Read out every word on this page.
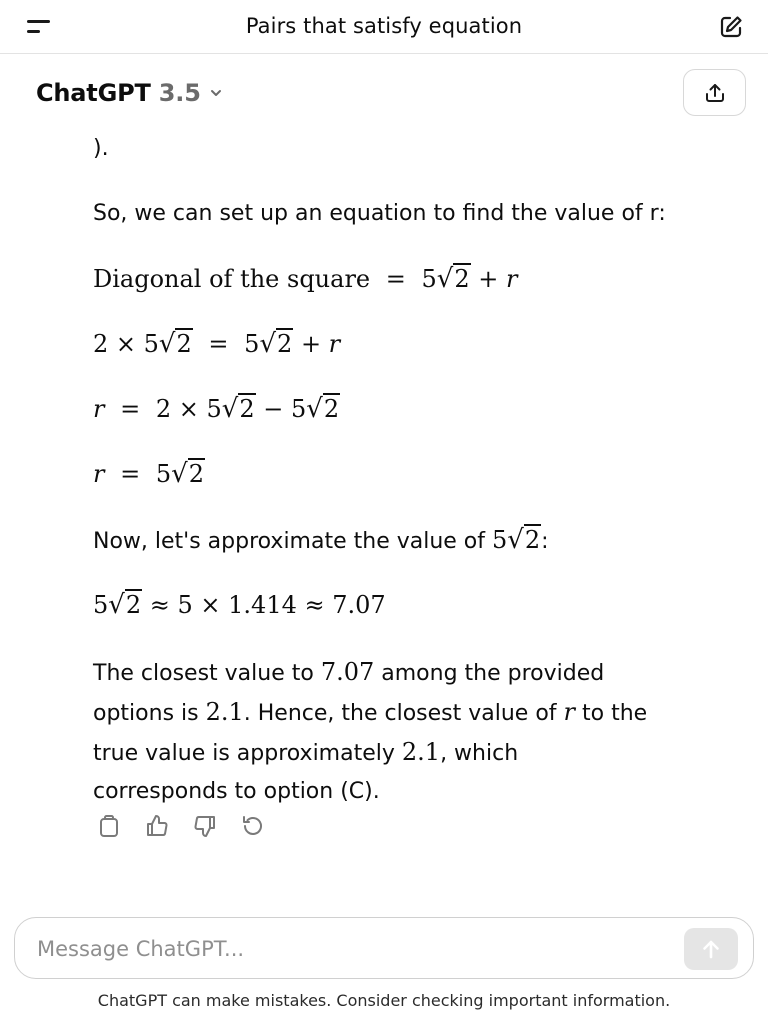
Pairs that satisfy equation
).
So, we can set up an equation to find the value of r:
Diagonal of the square = 5√2 + r
2 × 5√2 = 5√2 + r
r = 2 × 5√2 − 5√2
r = 5√2
Now, let's approximate the value of 5√2:
5√2 ≈ 5 × 1.414 ≈ 7.07
The closest value to 7.07 among the provided
options is 2.1. Hence, the closest value of r to the
true value is approximately 2.1, which
corresponds to option (C).
ChatGPT 3.5
Message ChatGPT...
ChatGPT can make mistakes. Consider checking important information.
